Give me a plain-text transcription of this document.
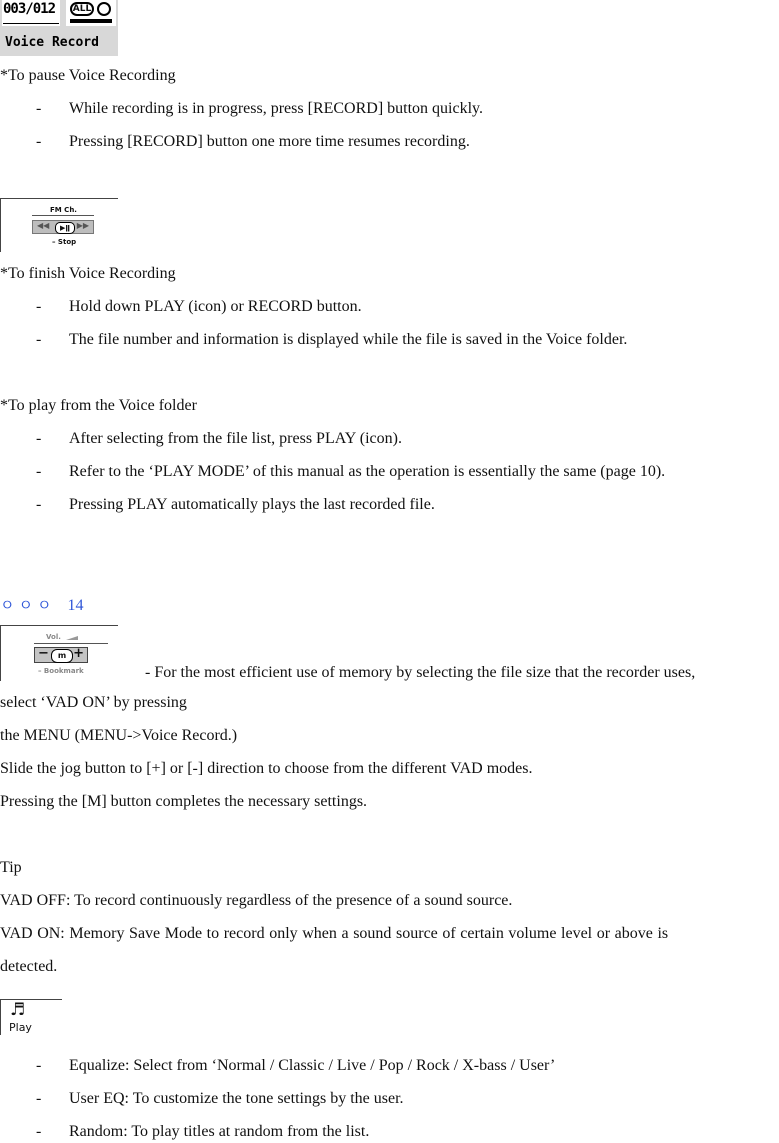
003/012	ALL
Voice Record
*To pause Voice Recording
- While recording is in progress, press [RECORD] button quickly.
- Pressing [RECORD] button one more time resumes recording.
FM Ch.
◀◀	▶ǁ ▶▶
– Stop
*To finish Voice Recording
- Hold down PLAY (icon) or RECORD button.
- The file number and information is displayed while the file is saved in the Voice folder.
*To play from the Voice folder
- After selecting from the file list, press PLAY (icon).
- Refer to the ‘PLAY MODE’ of this manual as the operation is essentially the same (page 10).
- Pressing PLAY automatically plays the last recorded file.
ㅇㅇㅇ 14
Vol.
−	m +
– Bookmark	- For the most efficient use of memory by selecting the file size that the recorder uses,
select ‘VAD ON’ by pressing
the MENU (MENU->Voice Record.)
Slide the jog button to [+] or [-] direction to choose from the different VAD modes.
Pressing the [M] button completes the necessary settings.
Tip
VAD OFF: To record continuously regardless of the presence of a sound source.
VAD ON: Memory Save Mode to record only when a sound source of certain volume level or above is
detected.
♬
Play
- Equalize: Select from ‘Normal / Classic / Live / Pop / Rock / X-bass / User’
- User EQ: To customize the tone settings by the user.
- Random: To play titles at random from the list.
